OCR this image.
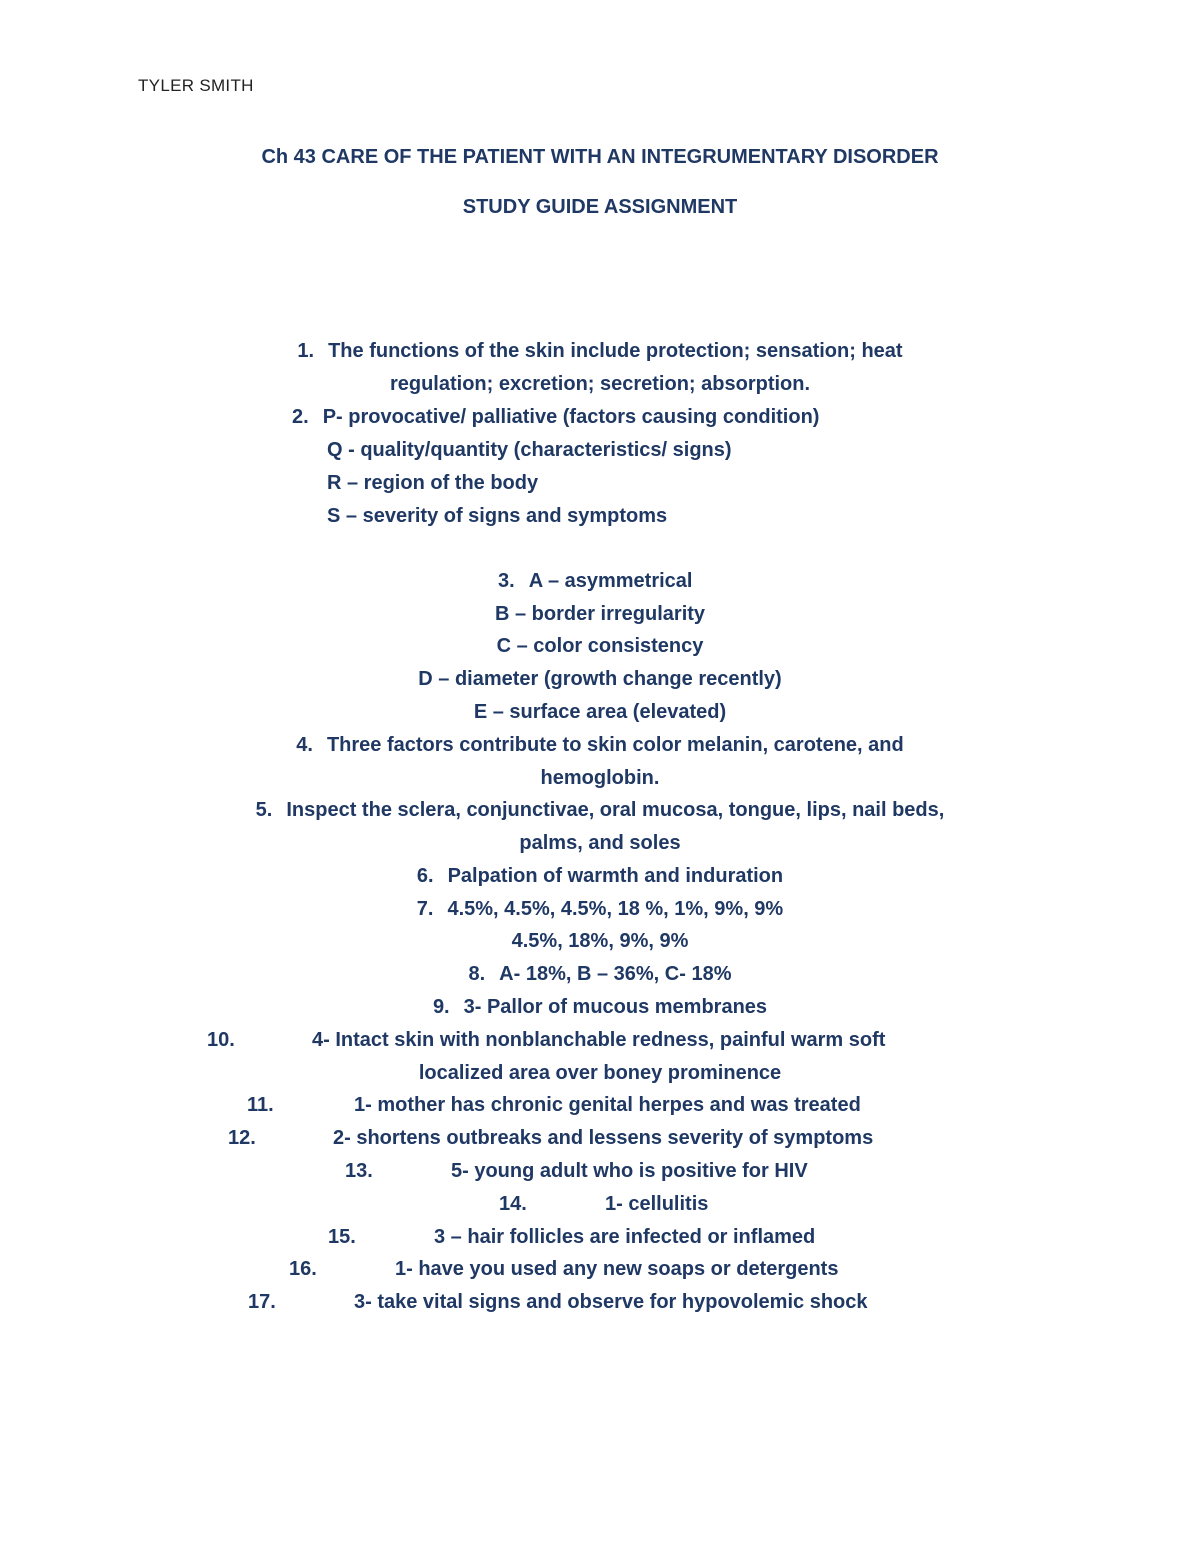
TYLER SMITH
Ch 43 CARE OF THE PATIENT WITH AN INTEGRUMENTARY DISORDER
STUDY GUIDE ASSIGNMENT
1. The functions of the skin include protection; sensation; heat
regulation; excretion; secretion; absorption.
2. P- provocative/ palliative (factors causing condition)
Q - quality/quantity (characteristics/ signs)
R – region of the body
S – severity of signs and symptoms
3. A – asymmetrical
B – border irregularity
C – color consistency
D – diameter (growth change recently)
E – surface area (elevated)
4. Three factors contribute to skin color melanin, carotene, and
hemoglobin.
5. Inspect the sclera, conjunctivae, oral mucosa, tongue, lips, nail beds,
palms, and soles
6. Palpation of warmth and induration
7. 4.5%, 4.5%, 4.5%, 18 %, 1%, 9%, 9%
4.5%, 18%, 9%, 9%
8. A- 18%, B – 36%, C- 18%
9. 3- Pallor of mucous membranes
10.	4- Intact skin with nonblanchable redness, painful warm soft
localized area over boney prominence
11.	1- mother has chronic genital herpes and was treated
12.	2- shortens outbreaks and lessens severity of symptoms
13.	5- young adult who is positive for HIV
14.	1- cellulitis
15.	3 – hair follicles are infected or inflamed
16.	1- have you used any new soaps or detergents
17.	3- take vital signs and observe for hypovolemic shock
